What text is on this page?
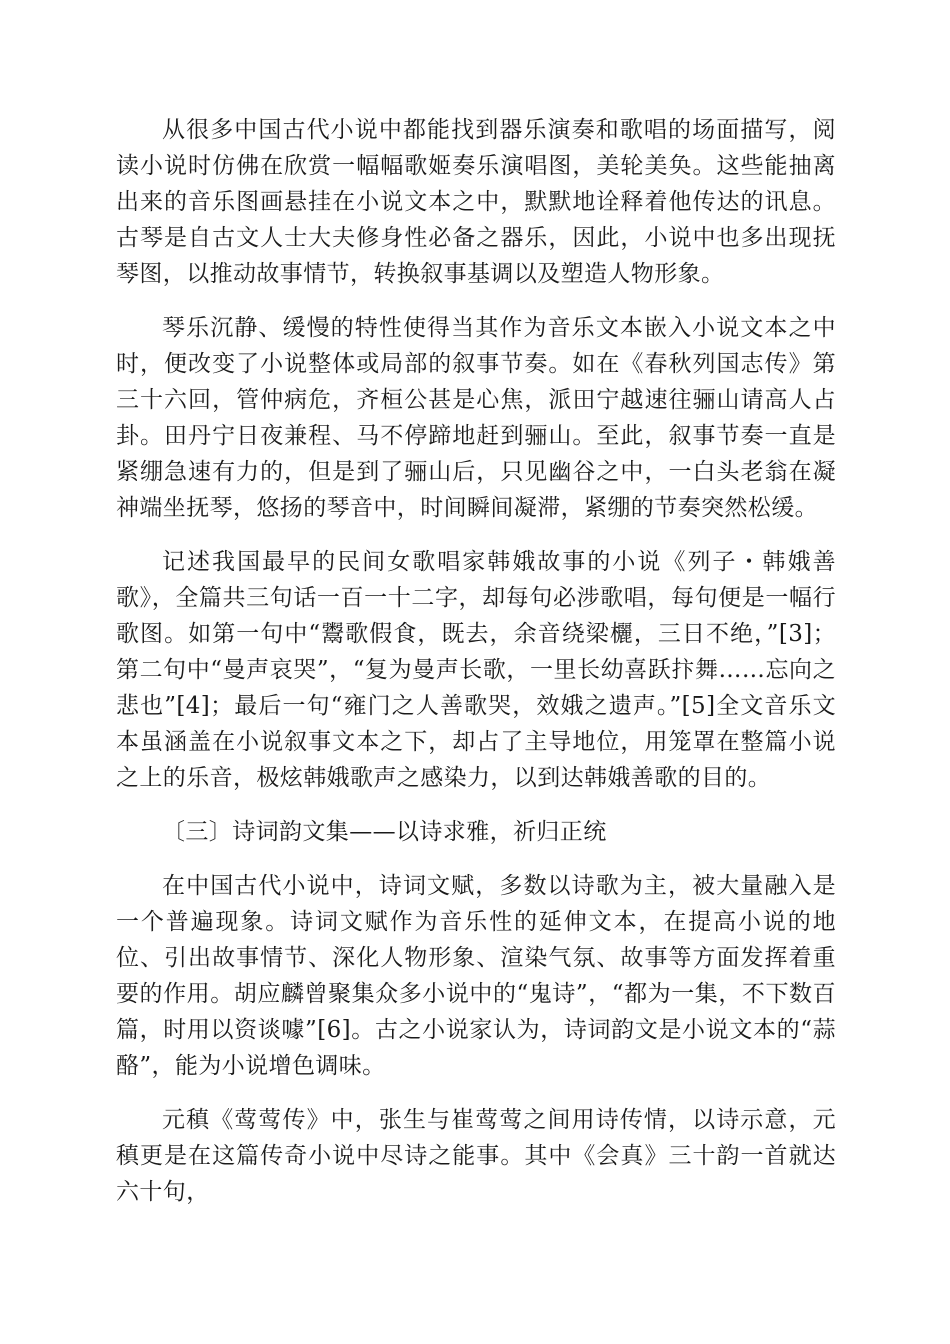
从很多中国古代小说中都能找到器乐演奏和歌唱的场面描写，阅读小说时仿佛在欣赏一幅幅歌姬奏乐演唱图，美轮美奂。这些能抽离出来的音乐图画悬挂在小说文本之中，默默地诠释着他传达的讯息。古琴是自古文人士大夫修身性必备之器乐，因此，小说中也多出现抚琴图，以推动故事情节，转换叙事基调以及塑造人物形象。

琴乐沉静、缓慢的特性使得当其作为音乐文本嵌入小说文本之中时，便改变了小说整体或局部的叙事节奏。如在《春秋列国志传》第三十六回，管仲病危，齐桓公甚是心焦，派田宁越速往骊山请高人占卦。田丹宁日夜兼程、马不停蹄地赶到骊山。至此，叙事节奏一直是紧绷急速有力的，但是到了骊山后，只见幽谷之中，一白头老翁在凝神端坐抚琴，悠扬的琴音中，时间瞬间凝滞，紧绷的节奏突然松缓。

记述我国最早的民间女歌唱家韩娥故事的小说《列子・韩娥善歌》，全篇共三句话一百一十二字，却每句必涉歌唱，每句便是一幅行歌图。如第一句中“鬻歌假食，既去，余音绕梁欐，三日不绝，”[3]；第二句中“曼声哀哭”，“复为曼声长歌，一里长幼喜跃抃舞……忘向之悲也”[4]；最后一句“雍门之人善歌哭，效娥之遗声。”[5]全文音乐文本虽涵盖在小说叙事文本之下，却占了主导地位，用笼罩在整篇小说之上的乐音，极炫韩娥歌声之感染力，以到达韩娥善歌的目的。

〔三〕诗词韵文集——以诗求雅，祈归正统

在中国古代小说中，诗词文赋，多数以诗歌为主，被大量融入是一个普遍现象。诗词文赋作为音乐性的延伸文本，在提高小说的地位、引出故事情节、深化人物形象、渲染气氛、故事等方面发挥着重要的作用。胡应麟曾聚集众多小说中的“鬼诗”，“都为一集，不下数百篇，时用以资谈噱”[6]。古之小说家认为，诗词韵文是小说文本的“蒜酪”，能为小说增色调味。

元稹《莺莺传》中，张生与崔莺莺之间用诗传情，以诗示意，元稹更是在这篇传奇小说中尽诗之能事。其中《会真》三十韵一首就达六十句，
